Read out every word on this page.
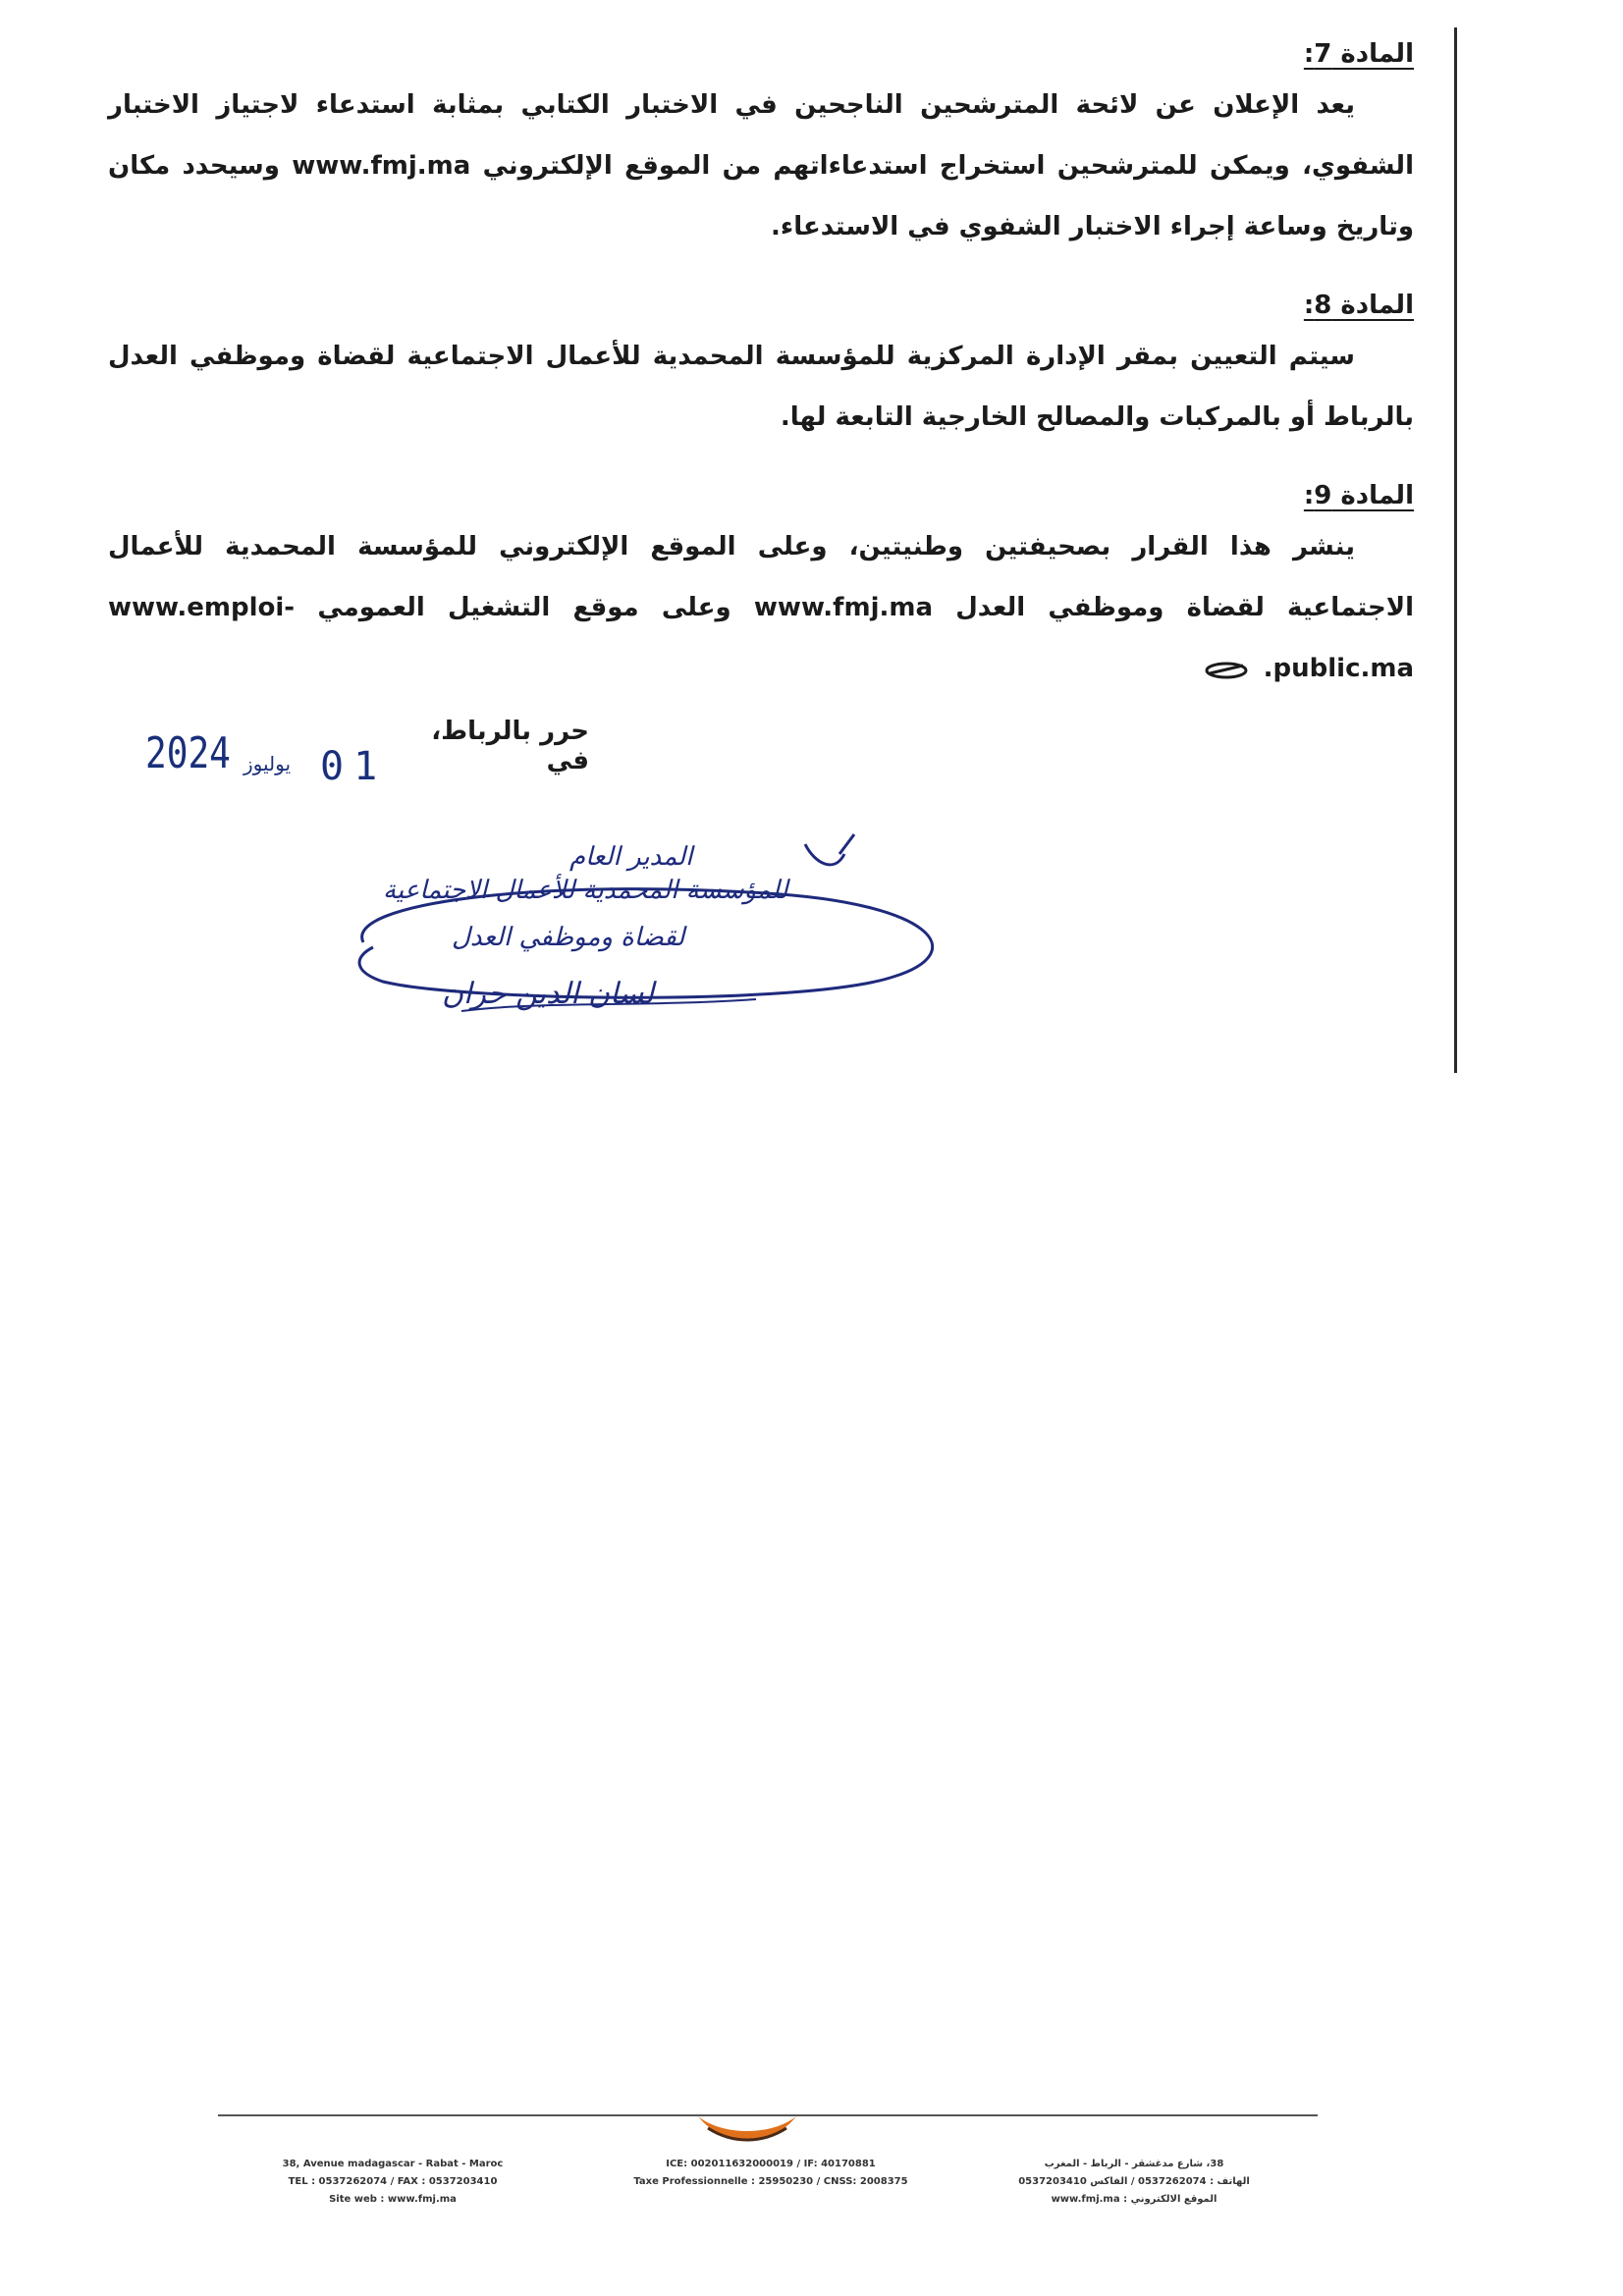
المادة 7:
يعد الإعلان عن لائحة المترشحين الناجحين في الاختبار الكتابي بمثابة استدعاء لاجتياز الاختبار الشفوي، ويمكن للمترشحين استخراج استدعاءاتهم من الموقع الإلكتروني www.fmj.ma وسيحدد مكان وتاريخ وساعة إجراء الاختبار الشفوي في الاستدعاء.
المادة 8:
سيتم التعيين بمقر الإدارة المركزية للمؤسسة المحمدية للأعمال الاجتماعية لقضاة وموظفي العدل بالرباط أو بالمركبات والمصالح الخارجية التابعة لها.
المادة 9:
ينشر هذا القرار بصحيفتين وطنيتين، وعلى الموقع الإلكتروني للمؤسسة المحمدية للأعمال الاجتماعية لقضاة وموظفي العدل www.fmj.ma وعلى موقع التشغيل العمومي www.emploi-public.ma.
حرر بالرباط، في
2024 يوليوز 01
المدير العام
للمؤسسة المحمدية للأعمال الاجتماعية
لقضاة وموظفي العدل
لسان الدين حران
38, Avenue madagascar - Rabat - Maroc
TEL : 0537262074 / FAX : 0537203410
Site web : www.fmj.ma
ICE: 002011632000019 / IF: 40170881
Taxe Professionnelle : 25950230 / CNSS: 2008375
38، شارع مدغشقر - الرباط - المغرب
الهاتف : 0537262074 / الفاكس 0537203410
الموقع الالكتروني : www.fmj.ma
